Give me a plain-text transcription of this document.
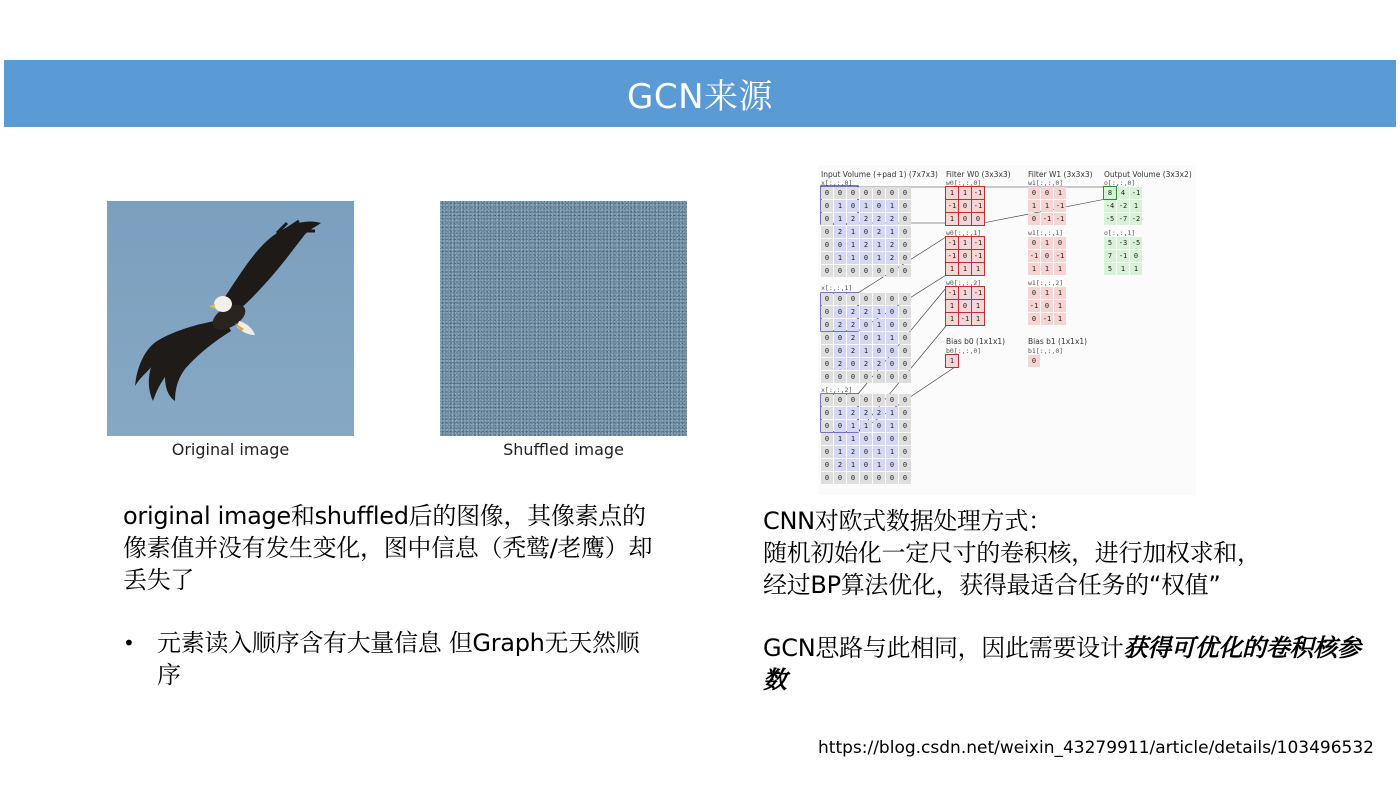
GCN来源
Original image	Shuffled image
Input Volume (+pad 1) (7x7x3) Filter W0 (3x3x3) Filter W1 (3x3x3) Output Volume (3x3x2)
x[:,:,0]
x[:,:,1]
x[:,:,2]
w0[:,:,0]
w0[:,:,1]
w0[:,:,2]
w1[:,:,0]
w1[:,:,1]
w1[:,:,2]
o[:,:,0]
o[:,:,1]
Bias b0 (1x1x1)	Bias b1 (1x1x1)
b0[:,:,0]	b1[:,:,0]
0	0	0	0	0	0	0
0	1	0	1	0	1	0
0	1	2	2	2	2	0
0	2	1	0	2	1	0
0	0	1	2	1	2	0
0	1	1	0	1	2	0
0	0	0	0	0	0	0
0	0	0	0	0	0	0
0	0	2	2	1	0	0
0	2	2	0	1	0	0
0	0	2	0	1	1	0
0	0	2	1	0	0	0
0	2	0	2	2	0	0
0	0	0	0	0	0	0
0	0	0	0	0	0	0
0	1	2	2	2	1	0
0	0	1	1	0	1	0
0	1	1	0	0	0	0
0	1	2	0	1	1	0
0	2	1	0	1	0	0
0	0	0	0	0	0	0
1	1 -1
-1 0 -1
1	0	0
-1 1 -1
-1 0 -1
1	1	1
-1 1 -1
1	0	1
1 -1 1
0	0	1
1	1 -1
0 -1 -1
0	1	0
-1 0 -1
1	1	1
0	1	1
-1 0	1
0 -1 1
8	4 -1
-4 -2 1
-5 -7 -2
5 -3 -5
7 -1 0
5	1	1
1	0
original image和shuffled后的图像，其像素点的像素值并没有发生变化，图中信息（秃鹫/老鹰）却丢失了
• 元素读入顺序含有大量信息 但Graph无天然顺序
CNN对欧式数据处理方式：
随机初始化一定尺寸的卷积核，进行加权求和，
经过BP算法优化，获得最适合任务的“权值”
GCN思路与此相同，因此需要设计获得可优化的卷积核参数
https://blog.csdn.net/weixin_43279911/article/details/103496532
